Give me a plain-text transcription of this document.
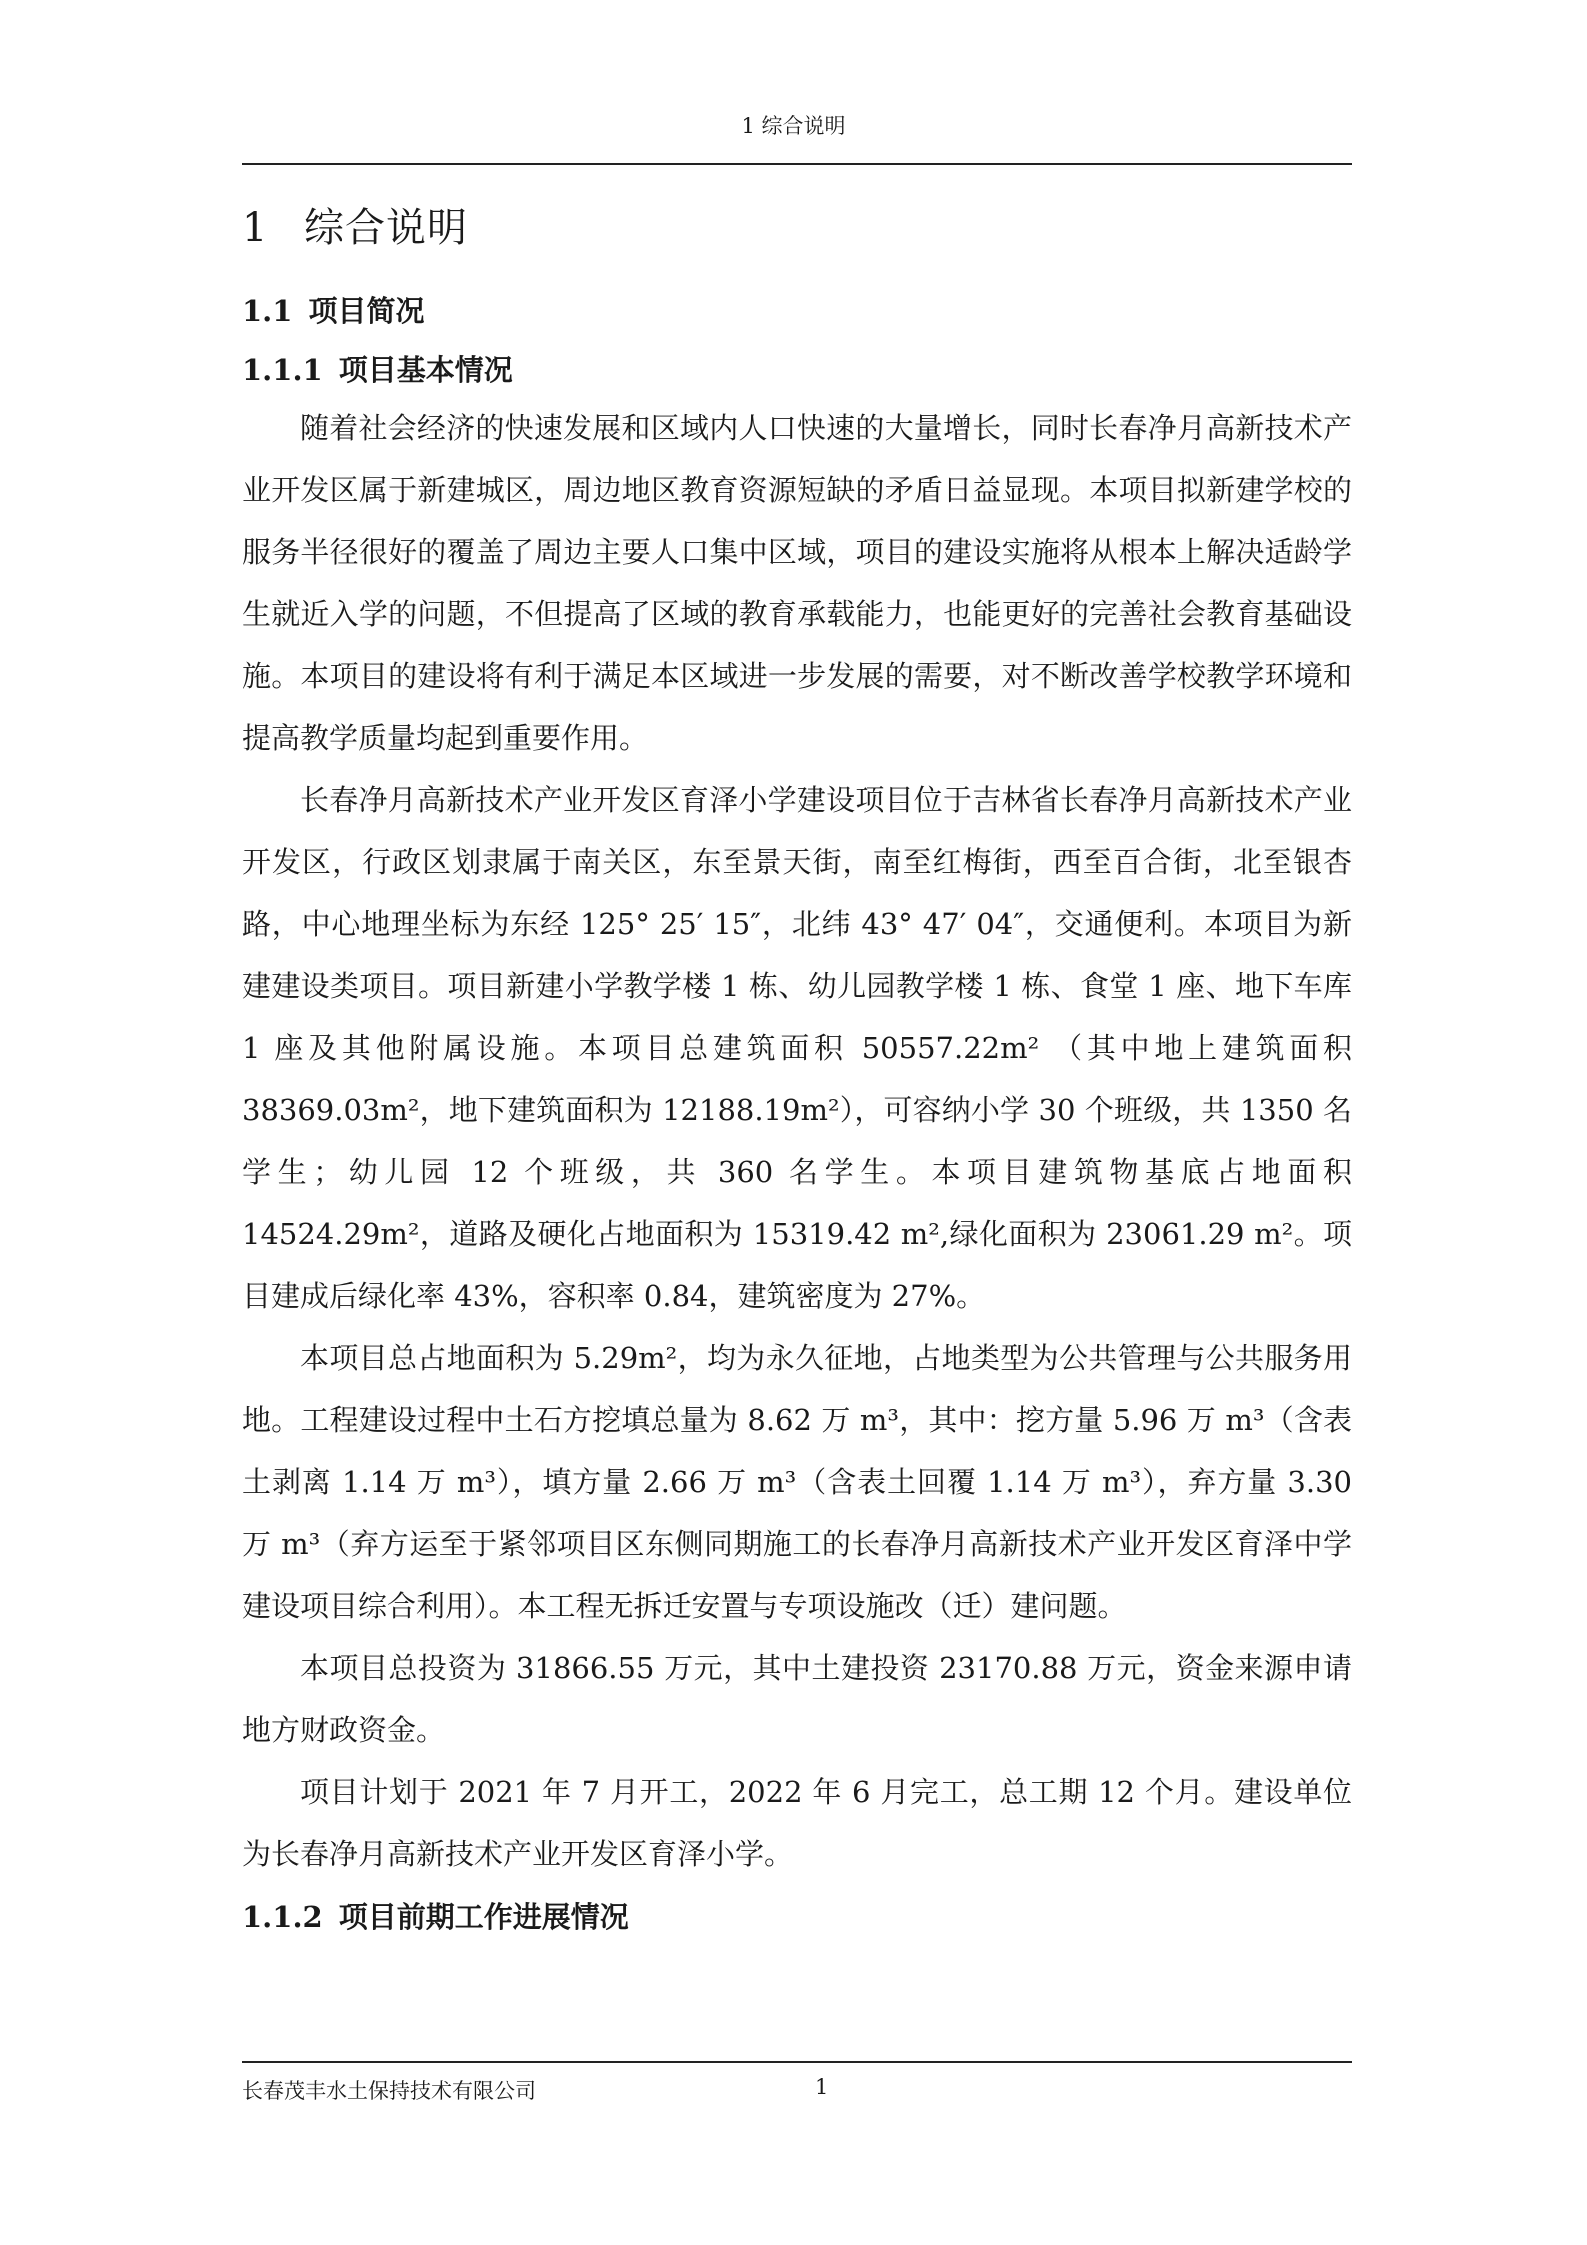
1 综合说明
1 综合说明
1.1 项目简况
1.1.1 项目基本情况

随着社会经济的快速发展和区域内人口快速的大量增长，同时长春净月高新技术产业开发区属于新建城区，周边地区教育资源短缺的矛盾日益显现。本项目拟新建学校的服务半径很好的覆盖了周边主要人口集中区域，项目的建设实施将从根本上解决适龄学生就近入学的问题，不但提高了区域的教育承载能力，也能更好的完善社会教育基础设施。本项目的建设将有利于满足本区域进一步发展的需要，对不断改善学校教学环境和提高教学质量均起到重要作用。

长春净月高新技术产业开发区育泽小学建设项目位于吉林省长春净月高新技术产业开发区，行政区划隶属于南关区，东至景天街，南至红梅街，西至百合街，北至银杏路，中心地理坐标为东经 125° 25′ 15″，北纬 43° 47′ 04″，交通便利。本项目为新建建设类项目。项目新建小学教学楼 1 栋、幼儿园教学楼 1 栋、食堂 1 座、地下车库 1 座及其他附属设施。本项目总建筑面积 50557.22m² （其中地上建筑面积 38369.03m²，地下建筑面积为 12188.19m²），可容纳小学 30 个班级，共 1350 名学生；幼儿园 12 个班级，共 360 名学生。本项目建筑物基底占地面积 14524.29m²，道路及硬化占地面积为 15319.42 m²,绿化面积为 23061.29 m²。项目建成后绿化率 43%，容积率 0.84，建筑密度为 27%。

本项目总占地面积为 5.29m²，均为永久征地，占地类型为公共管理与公共服务用地。工程建设过程中土石方挖填总量为 8.62 万 m³，其中：挖方量 5.96 万 m³（含表土剥离 1.14 万 m³），填方量 2.66 万 m³（含表土回覆 1.14 万 m³），弃方量 3.30 万 m³（弃方运至于紧邻项目区东侧同期施工的长春净月高新技术产业开发区育泽中学建设项目综合利用）。本工程无拆迁安置与专项设施改（迁）建问题。

本项目总投资为 31866.55 万元，其中土建投资 23170.88 万元，资金来源申请地方财政资金。

项目计划于 2021 年 7 月开工，2022 年 6 月完工，总工期 12 个月。建设单位为长春净月高新技术产业开发区育泽小学。

1.1.2 项目前期工作进展情况
长春茂丰水土保持技术有限公司	1
